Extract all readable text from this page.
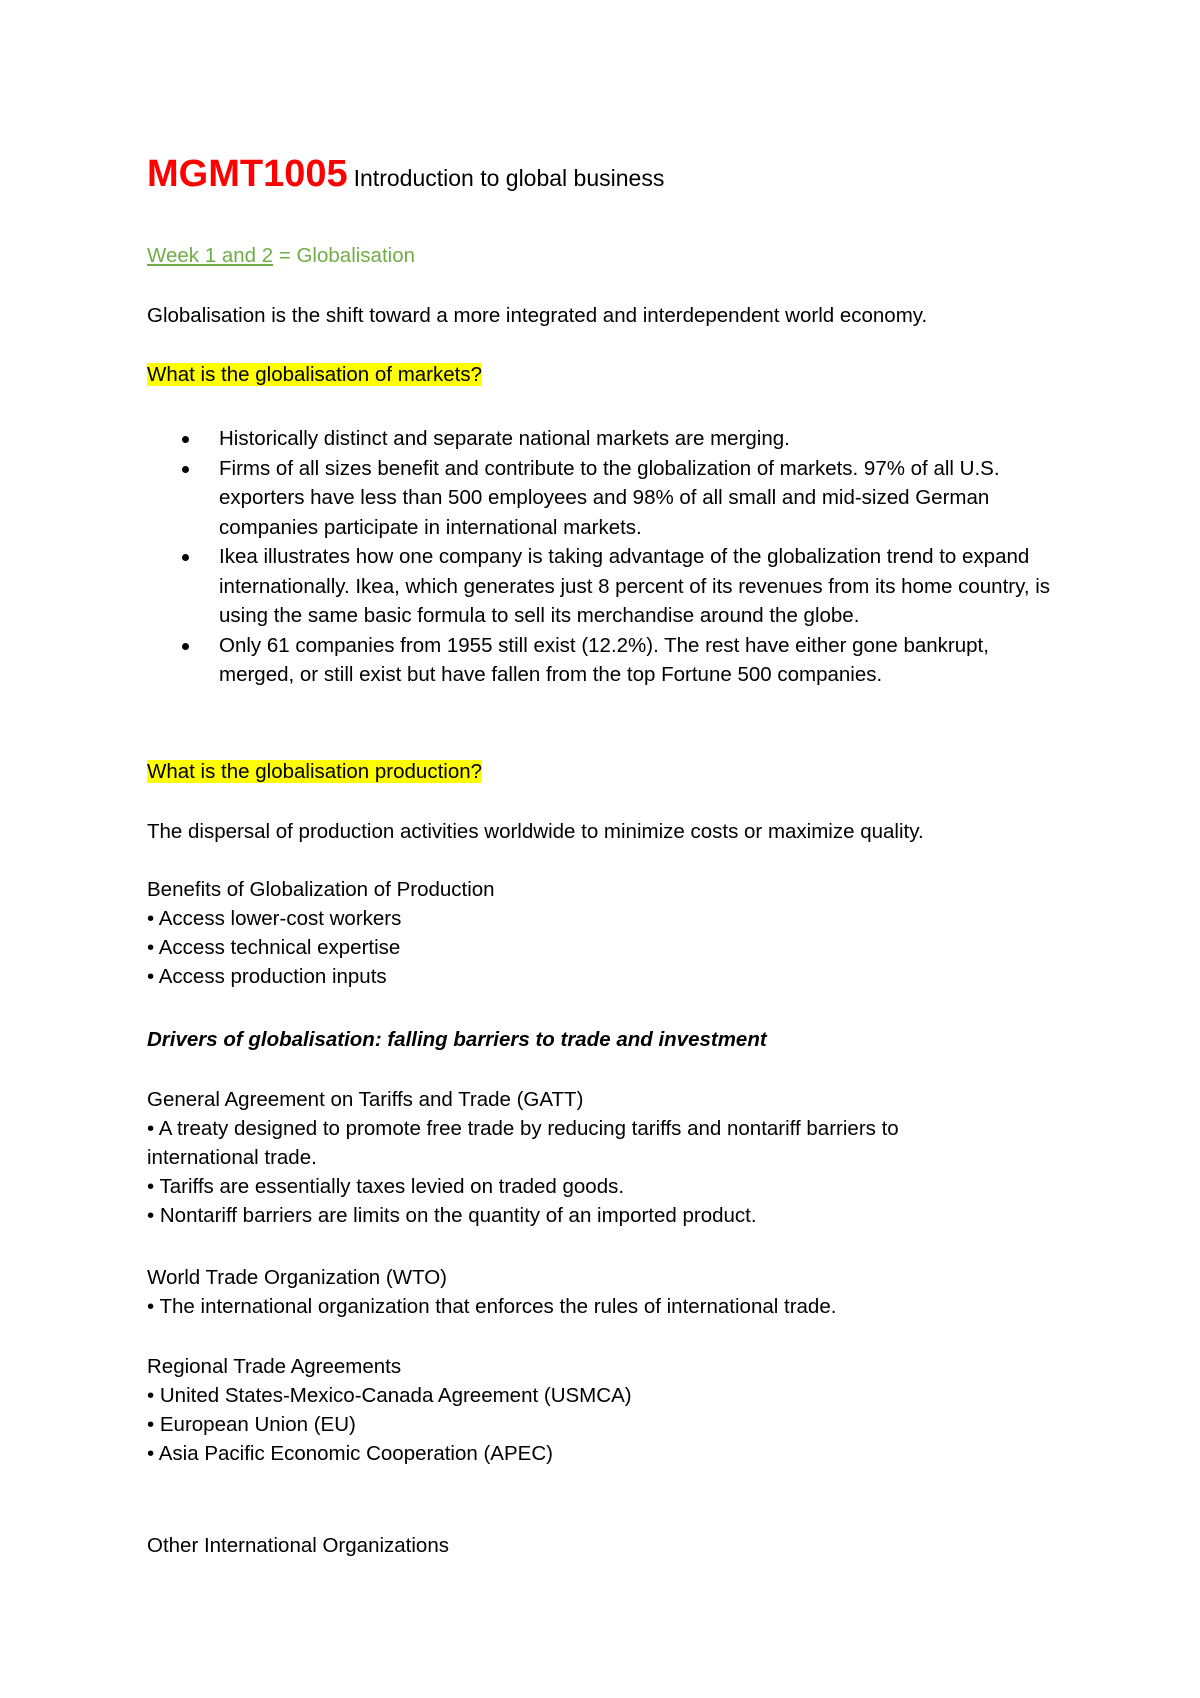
MGMT1005 Introduction to global business
Week 1 and 2 = Globalisation
Globalisation is the shift toward a more integrated and interdependent world economy.
What is the globalisation of markets?
Historically distinct and separate national markets are merging.
Firms of all sizes benefit and contribute to the globalization of markets. 97% of all U.S. exporters have less than 500 employees and 98% of all small and mid-sized German companies participate in international markets.
Ikea illustrates how one company is taking advantage of the globalization trend to expand internationally. Ikea, which generates just 8 percent of its revenues from its home country, is using the same basic formula to sell its merchandise around the globe.
Only 61 companies from 1955 still exist (12.2%). The rest have either gone bankrupt, merged, or still exist but have fallen from the top Fortune 500 companies.
What is the globalisation production?
The dispersal of production activities worldwide to minimize costs or maximize quality.
Benefits of Globalization of Production
• Access lower-cost workers
• Access technical expertise
• Access production inputs
Drivers of globalisation: falling barriers to trade and investment
General Agreement on Tariffs and Trade (GATT)
• A treaty designed to promote free trade by reducing tariffs and nontariff barriers to
international trade.
• Tariffs are essentially taxes levied on traded goods.
• Nontariff barriers are limits on the quantity of an imported product.
World Trade Organization (WTO)
• The international organization that enforces the rules of international trade.
Regional Trade Agreements
• United States-Mexico-Canada Agreement (USMCA)
• European Union (EU)
• Asia Pacific Economic Cooperation (APEC)
Other International Organizations
